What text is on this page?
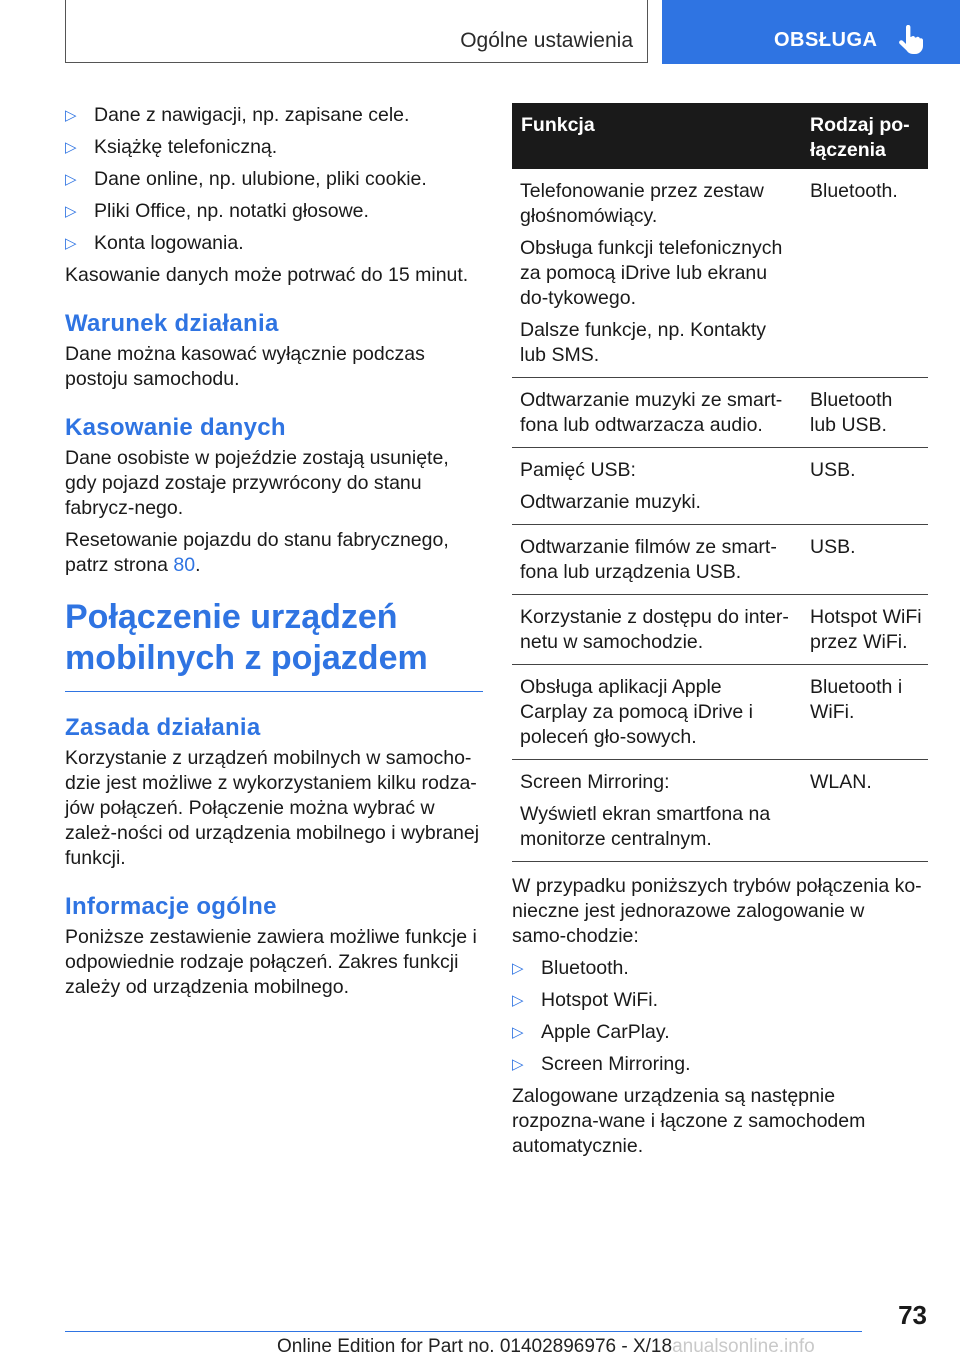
Ogólne ustawienia	OBSŁUGA
▷ Dane z nawigacji, np. zapisane cele.
▷ Książkę telefoniczną.
▷ Dane online, np. ulubione, pliki cookie.
▷ Pliki Office, np. notatki głosowe.
▷ Konta logowania.

Kasowanie danych może potrwać do 15 minut.

Warunek działania

Dane można kasować wyłącznie podczas postoju samochodu.

Kasowanie danych

Dane osobiste w pojeździe zostają usunięte, gdy pojazd zostaje przywrócony do stanu fabrycz-nego.

Resetowanie pojazdu do stanu fabrycznego, patrz strona 80.

Połączenie urządzeń mobilnych z pojazdem
Zasada działania

Korzystanie z urządzeń mobilnych w samocho-dzie jest możliwe z wykorzystaniem kilku rodza-jów połączeń. Połączenie można wybrać w zależ-ności od urządzenia mobilnego i wybranej funkcji.

Informacje ogólne

Poniższe zestawienie zawiera możliwe funkcje i odpowiednie rodzaje połączeń. Zakres funkcji zależy od urządzenia mobilnego.

Funkcja	Rodzaj po-łączenia
Telefonowanie przez zestaw głośnomówiący.
Obsługa funkcji telefonicznych za pomocą iDrive lub ekranu do-tykowego.
Dalsze funkcje, np. Kontakty lub SMS.
Bluetooth.
Odtwarzanie muzyki ze smart-fona lub odtwarzacza audio.
Bluetooth lub USB.
Pamięć USB:
Odtwarzanie muzyki.
USB.
Odtwarzanie filmów ze smart-fona lub urządzenia USB.
USB.
Korzystanie z dostępu do inter-netu w samochodzie.
Hotspot WiFi przez WiFi.
Obsługa aplikacji Apple Carplay za pomocą iDrive i poleceń gło-sowych.
Bluetooth i WiFi.
Screen Mirroring:
Wyświetl ekran smartfona na monitorze centralnym.
WLAN.

W przypadku poniższych trybów połączenia ko-nieczne jest jednorazowe zalogowanie w samo-chodzie:

▷ Bluetooth.
▷ Hotspot WiFi.
▷ Apple CarPlay.
▷ Screen Mirroring.

Zalogowane urządzenia są następnie rozpozna-wane i łączone z samochodem automatycznie.

73
Online Edition for Part no. 01402896976 - X/18anualsonline.info
